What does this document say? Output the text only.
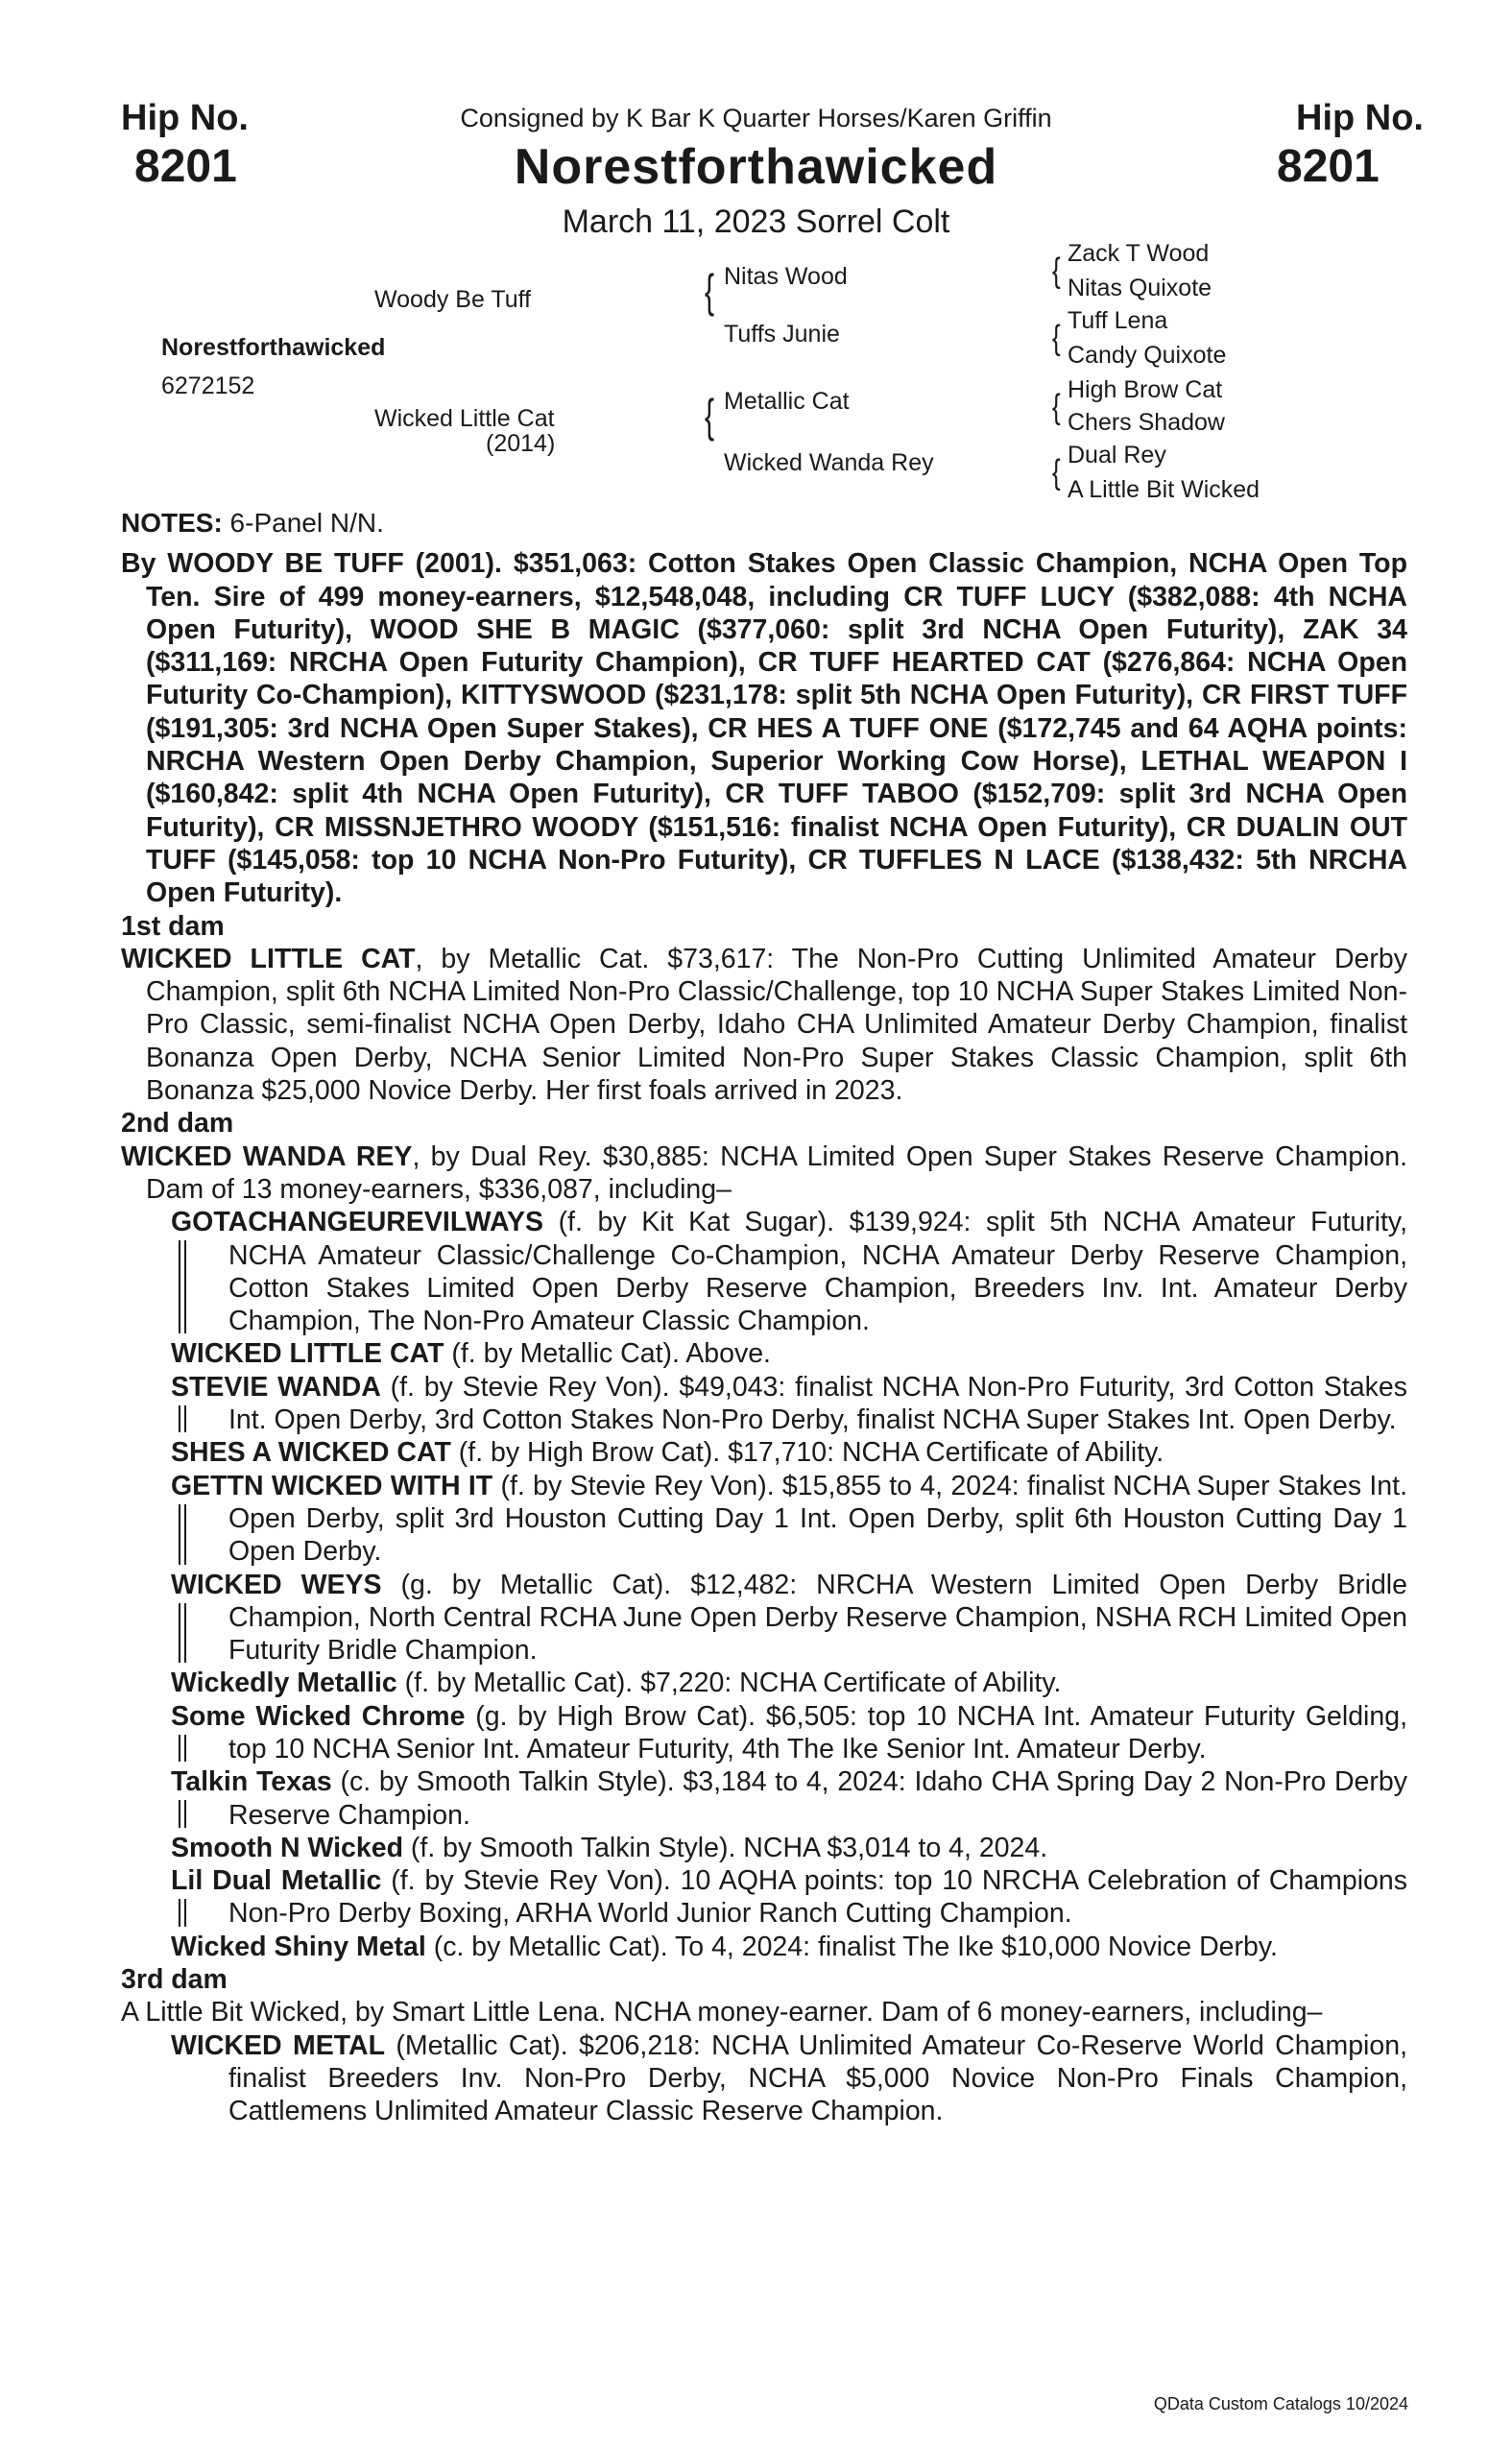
Hip No.
8201
Hip No.
8201
Consigned by K Bar K Quarter Horses/Karen Griffin
Norestforthawicked
March 11, 2023 Sorrel Colt
Woody Be Tuff
Norestforthawicked
6272152
Wicked Little Cat
(2014)
{ Nitas Wood
Tuffs Junie
{ Metallic Cat
Wicked Wanda Rey
{ Zack T Wood
Nitas Quixote
{ Tuff Lena
Candy Quixote
{ High Brow Cat
Chers Shadow
{ Dual Rey
A Little Bit Wicked
NOTES: 6-Panel N/N.
By WOODY BE TUFF (2001). $351,063: Cotton Stakes Open Classic Champion, NCHA Open Top Ten. Sire of 499 money-earners, $12,548,048, including CR TUFF LUCY ($382,088: 4th NCHA Open Futurity), WOOD SHE B MAGIC ($377,060: split 3rd NCHA Open Futurity), ZAK 34 ($311,169: NRCHA Open Futurity Champion), CR TUFF HEARTED CAT ($276,864: NCHA Open Futurity Co-Champion), KITTYSWOOD ($231,178: split 5th NCHA Open Futurity), CR FIRST TUFF ($191,305: 3rd NCHA Open Super Stakes), CR HES A TUFF ONE ($172,745 and 64 AQHA points: NRCHA Western Open Derby Champion, Superior Working Cow Horse), LETHAL WEAPON I ($160,842: split 4th NCHA Open Futurity), CR TUFF TABOO ($152,709: split 3rd NCHA Open Futurity), CR MISSNJETHRO WOODY ($151,516: finalist NCHA Open Futurity), CR DUALIN OUT TUFF ($145,058: top 10 NCHA Non-Pro Futurity), CR TUFFLES N LACE ($138,432: 5th NRCHA Open Futurity).
1st dam
WICKED LITTLE CAT, by Metallic Cat. $73,617: The Non-Pro Cutting Unlimited Amateur Derby Champion, split 6th NCHA Limited Non-Pro Classic/Challenge, top 10 NCHA Super Stakes Limited Non-Pro Classic, semi-finalist NCHA Open Derby, Idaho CHA Unlimited Amateur Derby Champion, finalist Bonanza Open Derby, NCHA Senior Limited Non-Pro Super Stakes Classic Champion, split 6th Bonanza $25,000 Novice Derby. Her first foals arrived in 2023.
2nd dam
WICKED WANDA REY, by Dual Rey. $30,885: NCHA Limited Open Super Stakes Reserve Champion. Dam of 13 money-earners, $336,087, including–
GOTACHANGEUREVILWAYS (f. by Kit Kat Sugar). $139,924: split 5th NCHA Amateur Futurity, NCHA Amateur Classic/Challenge Co-Champion, NCHA Amateur Derby Reserve Champion, Cotton Stakes Limited Open Derby Reserve Champion, Breeders Inv. Int. Amateur Derby Champion, The Non-Pro Amateur Classic Champion.
WICKED LITTLE CAT (f. by Metallic Cat). Above.
STEVIE WANDA (f. by Stevie Rey Von). $49,043: finalist NCHA Non-Pro Futurity, 3rd Cotton Stakes Int. Open Derby, 3rd Cotton Stakes Non-Pro Derby, finalist NCHA Super Stakes Int. Open Derby.
SHES A WICKED CAT (f. by High Brow Cat). $17,710: NCHA Certificate of Ability.
GETTN WICKED WITH IT (f. by Stevie Rey Von). $15,855 to 4, 2024: finalist NCHA Super Stakes Int. Open Derby, split 3rd Houston Cutting Day 1 Int. Open Derby, split 6th Houston Cutting Day 1 Open Derby.
WICKED WEYS (g. by Metallic Cat). $12,482: NRCHA Western Limited Open Derby Bridle Champion, North Central RCHA June Open Derby Reserve Champion, NSHA RCH Limited Open Futurity Bridle Champion.
Wickedly Metallic (f. by Metallic Cat). $7,220: NCHA Certificate of Ability.
Some Wicked Chrome (g. by High Brow Cat). $6,505: top 10 NCHA Int. Amateur Futurity Gelding, top 10 NCHA Senior Int. Amateur Futurity, 4th The Ike Senior Int. Amateur Derby.
Talkin Texas (c. by Smooth Talkin Style). $3,184 to 4, 2024: Idaho CHA Spring Day 2 Non-Pro Derby Reserve Champion.
Smooth N Wicked (f. by Smooth Talkin Style). NCHA $3,014 to 4, 2024.
Lil Dual Metallic (f. by Stevie Rey Von). 10 AQHA points: top 10 NRCHA Celebration of Champions Non-Pro Derby Boxing, ARHA World Junior Ranch Cutting Champion.
Wicked Shiny Metal (c. by Metallic Cat). To 4, 2024: finalist The Ike $10,000 Novice Derby.
3rd dam
A Little Bit Wicked, by Smart Little Lena. NCHA money-earner. Dam of 6 money-earners, including–
WICKED METAL (Metallic Cat). $206,218: NCHA Unlimited Amateur Co-Reserve World Champion, finalist Breeders Inv. Non-Pro Derby, NCHA $5,000 Novice Non-Pro Finals Champion, Cattlemens Unlimited Amateur Classic Reserve Champion.
QData Custom Catalogs 10/2024
